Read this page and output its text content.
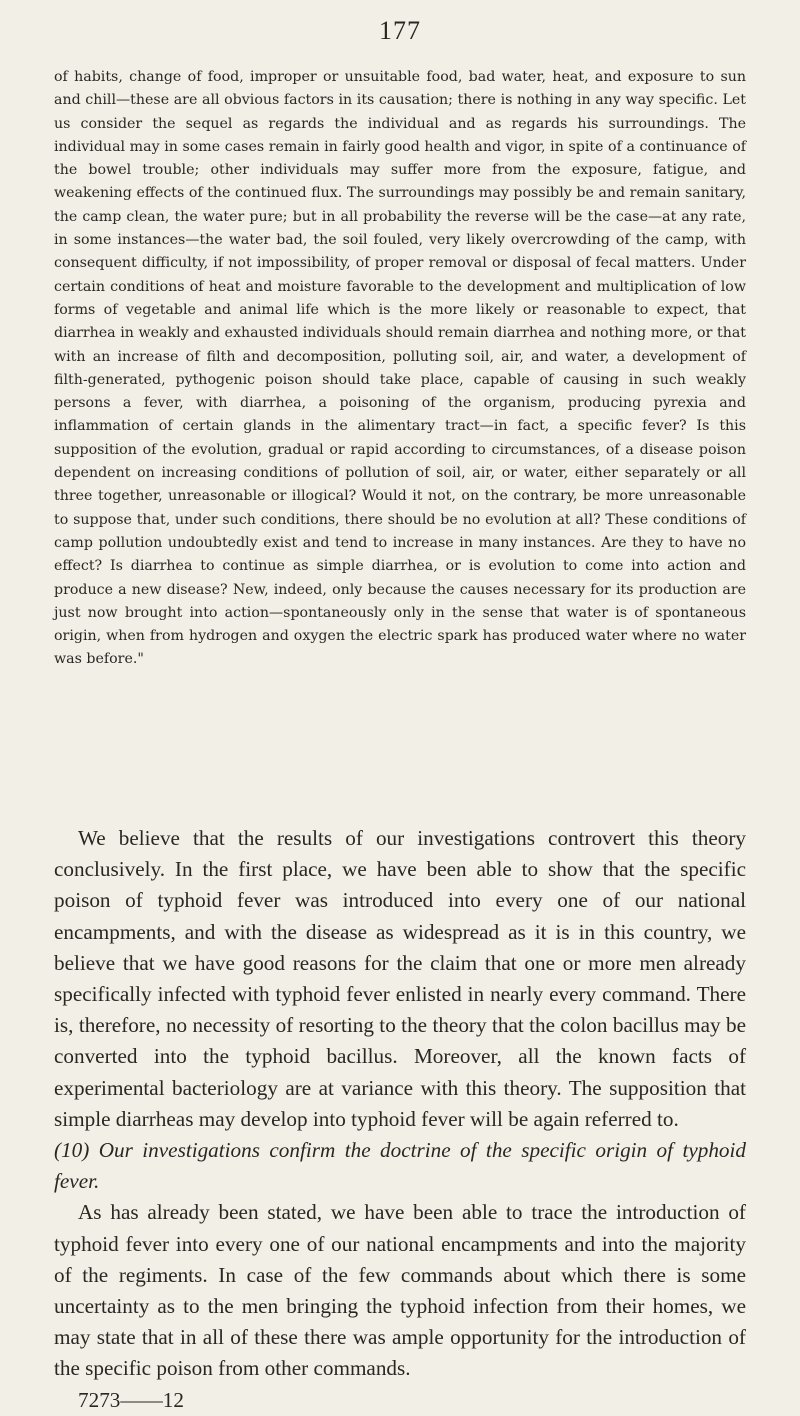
177

of habits, change of food, improper or unsuitable food, bad water, heat, and exposure to sun and chill—these are all obvious factors in its causation; there is nothing in any way specific. Let us consider the sequel as regards the individual and as regards his surroundings. The individual may in some cases remain in fairly good health and vigor, in spite of a continuance of the bowel trouble; other individuals may suffer more from the exposure, fatigue, and weakening effects of the continued flux. The surroundings may possibly be and remain sanitary, the camp clean, the water pure; but in all probability the reverse will be the case—at any rate, in some instances—the water bad, the soil fouled, very likely overcrowding of the camp, with consequent difficulty, if not impossibility, of proper removal or disposal of fecal matters. Under certain conditions of heat and moisture favorable to the development and multiplication of low forms of vegetable and animal life which is the more likely or reasonable to expect, that diarrhea in weakly and exhausted individuals should remain diarrhea and nothing more, or that with an increase of filth and decomposition, polluting soil, air, and water, a development of filth-generated, pythogenic poison should take place, capable of causing in such weakly persons a fever, with diarrhea, a poisoning of the organism, producing pyrexia and inflammation of certain glands in the alimentary tract—in fact, a specific fever? Is this supposition of the evolution, gradual or rapid according to circumstances, of a disease poison dependent on increasing conditions of pollution of soil, air, or water, either separately or all three together, unreasonable or illogical? Would it not, on the contrary, be more unreasonable to suppose that, under such conditions, there should be no evolution at all? These conditions of camp pollution undoubtedly exist and tend to increase in many instances. Are they to have no effect? Is diarrhea to continue as simple diarrhea, or is evolution to come into action and produce a new disease? New, indeed, only because the causes necessary for its production are just now brought into action—spontaneously only in the sense that water is of spontaneous origin, when from hydrogen and oxygen the electric spark has produced water where no water was before."

We believe that the results of our investigations controvert this theory conclusively. In the first place, we have been able to show that the specific poison of typhoid fever was introduced into every one of our national encampments, and with the disease as widespread as it is in this country, we believe that we have good reasons for the claim that one or more men already specifically infected with typhoid fever enlisted in nearly every command. There is, therefore, no necessity of resorting to the theory that the colon bacillus may be converted into the typhoid bacillus. Moreover, all the known facts of experimental bacteriology are at variance with this theory. The supposition that simple diarrheas may develop into typhoid fever will be again referred to.

(10) Our investigations confirm the doctrine of the specific origin of typhoid fever.

As has already been stated, we have been able to trace the introduction of typhoid fever into every one of our national encampments and into the majority of the regiments. In case of the few commands about which there is some uncertainty as to the men bringing the typhoid infection from their homes, we may state that in all of these there was ample opportunity for the introduction of the specific poison from other commands.

7273——12
